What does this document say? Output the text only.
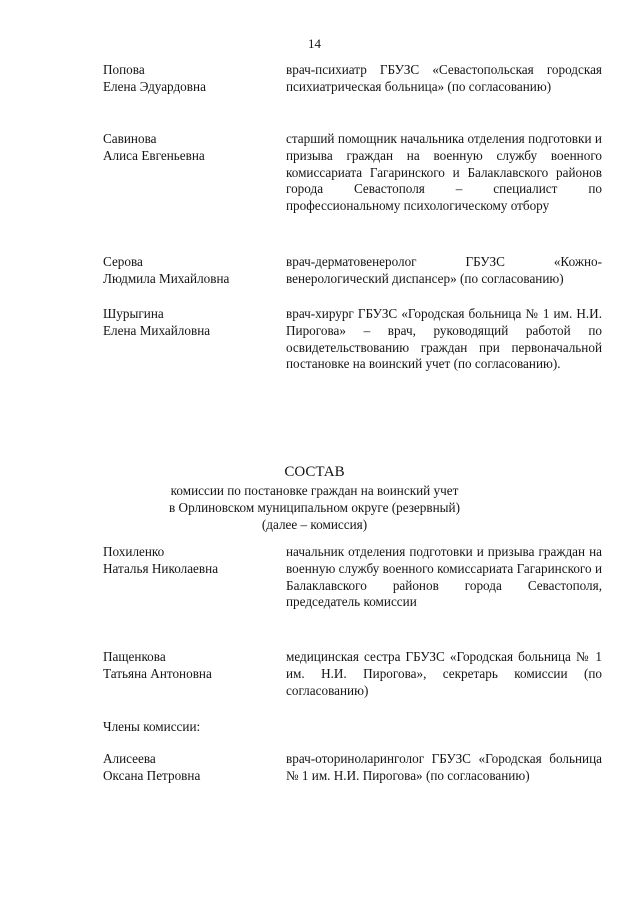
14
Попова
Елена Эдуардовна
врач-психиатр ГБУЗС «Севастопольская городская психиатрическая больница» (по согласованию)
Савинова
Алиса Евгеньевна
старший помощник начальника отделения подготовки и призыва граждан на военную службу военного комиссариата Гагаринского и Балаклавского районов города Севастополя – специалист по профессиональному психологическому отбору
Серова
Людмила Михайловна
врач-дерматовенеролог ГБУЗС «Кожно-венерологический диспансер» (по согласованию)
Шурыгина
Елена Михайловна
врач-хирург ГБУЗС «Городская больница № 1 им. Н.И. Пирогова» – врач, руководящий работой по освидетельствованию граждан при первоначальной постановке на воинский учет (по согласованию).
СОСТАВ
комиссии по постановке граждан на воинский учет
в Орлиновском муниципальном округе (резервный)
(далее – комиссия)
Похиленко
Наталья Николаевна
начальник отделения подготовки и призыва граждан на военную службу военного комиссариата Гагаринского и Балаклавского районов города Севастополя, председатель комиссии
Пащенкова
Татьяна Антоновна
медицинская сестра ГБУЗС «Городская больница № 1 им. Н.И. Пирогова», секретарь комиссии (по согласованию)
Члены комиссии:
Алисеева
Оксана Петровна
врач-оториноларинголог ГБУЗС «Городская больница № 1 им. Н.И. Пирогова» (по согласованию)
